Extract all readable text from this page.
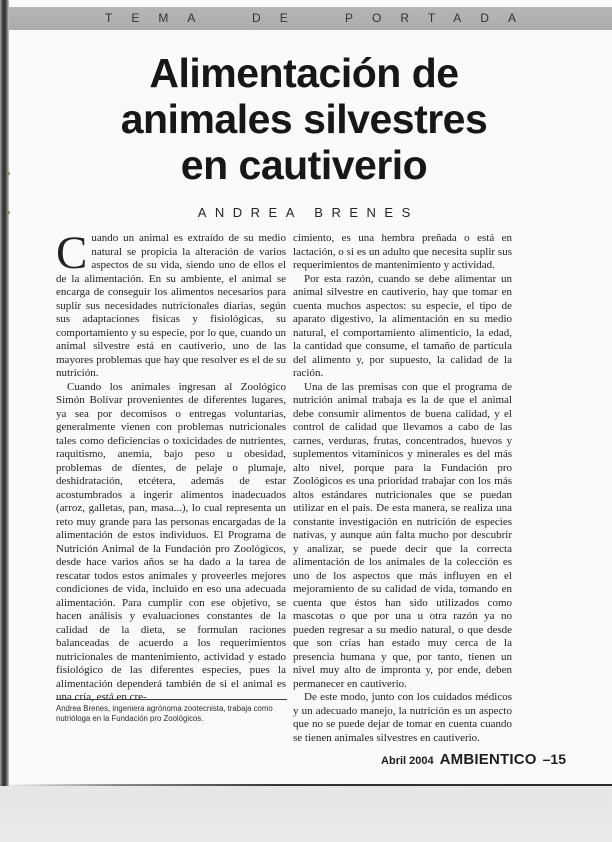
TEMA DE PORTADA
Alimentación de
animales silvestres
en cautiverio
ANDREA BRENES

Cuando un animal es extraído de su medio natural se propicia la alteración de varios aspectos de su vida, siendo uno de ellos el de la alimentación. En su ambiente, el animal se encarga de conseguir los alimentos necesarios para suplir sus necesidades nutricionales diarias, según sus adaptaciones físicas y fisiológicas, su comportamiento y su especie, por lo que, cuando un animal silvestre está en cautiverio, uno de las mayores problemas que hay que resolver es el de su nutrición.

Cuando los animales ingresan al Zoológico Simón Bolívar provenientes de diferentes lugares, ya sea por decomisos o entregas voluntarias, generalmente vienen con problemas nutricionales tales como deficiencias o toxicidades de nutrientes, raquitismo, anemia, bajo peso u obesidad, problemas de dientes, de pelaje o plumaje, deshidratación, etcétera, además de estar acostumbrados a ingerir alimentos inadecuados (arroz, galletas, pan, masa...), lo cual representa un reto muy grande para las personas encargadas de la alimentación de estos individuos. El Programa de Nutrición Animal de la Fundación pro Zoológicos, desde hace varios años se ha dado a la tarea de rescatar todos estos animales y proveerles mejores condiciones de vida, incluido en eso una adecuada alimentación. Para cumplir con ese objetivo, se hacen análisis y evaluaciones constantes de la calidad de la dieta, se formulan raciones balanceadas de acuerdo a los requerimientos nutricionales de mantenimiento, actividad y estado fisiológico de las diferentes especies, pues la alimentación dependerá también de si el animal es una cría, está en cre-

cimiento, es una hembra preñada o está en lactación, o si es un adulto que necesita suplir sus requerimientos de mantenimiento y actividad.

Por esta razón, cuando se debe alimentar un animal silvestre en cautiverio, hay que tomar en cuenta muchos aspectos: su especie, el tipo de aparato digestivo, la alimentación en su medio natural, el comportamiento alimenticio, la edad, la cantidad que consume, el tamaño de partícula del alimento y, por supuesto, la calidad de la ración.

Una de las premisas con que el programa de nutrición animal trabaja es la de que el animal debe consumir alimentos de buena calidad, y el control de calidad que llevamos a cabo de las carnes, verduras, frutas, concentrados, huevos y suplementos vitamínicos y minerales es del más alto nivel, porque para la Fundación pro Zoológicos es una prioridad trabajar con los más altos estándares nutricionales que se puedan utilizar en el país. De esta manera, se realiza una constante investigación en nutrición de especies nativas, y aunque aún falta mucho por descubrir y analizar, se puede decir que la correcta alimentación de los animales de la colección es uno de los aspectos que más influyen en el mejoramiento de su calidad de vida, tomando en cuenta que éstos han sido utilizados como mascotas o que por una u otra razón ya no pueden regresar a su medio natural, o que desde que son crías han estado muy cerca de la presencia humana y que, por tanto, tienen un nivel muy alto de impronta y, por ende, deben permanecer en cautiverio.

De este modo, junto con los cuidados médicos y un adecuado manejo, la nutrición es un aspecto que no se puede dejar de tomar en cuenta cuando se tienen animales silvestres en cautiverio.

Andrea Brenes, ingeniera agrónoma zootecnista, trabaja como nutrióloga en la Fundación pro Zoológicos.
Abril 2004 AMBIENTICO –15
